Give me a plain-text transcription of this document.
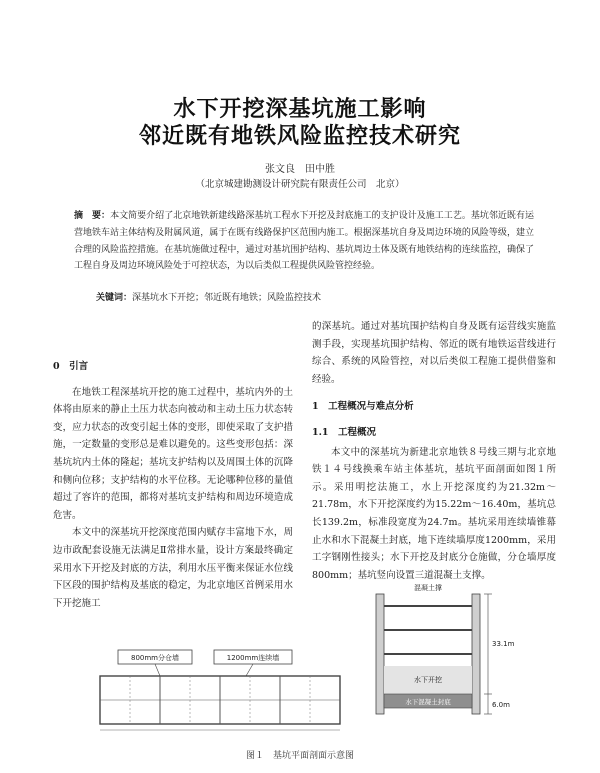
水下开挖深基坑施工影响
邻近既有地铁风险监控技术研究
张文良　田中胜
（北京城建勘测设计研究院有限责任公司　北京）
摘　要：本文简要介绍了北京地铁新建线路深基坑工程水下开挖及封底施工的支护设计及施工工艺。基坑邻近既有运营地铁车站主体结构及附属风道，属于在既有线路保护区范围内施工。根据深基坑自身及周边环境的风险等级，建立合理的风险监控措施。在基坑施做过程中，通过对基坑围护结构、基坑周边土体及既有地铁结构的连续监控，确保了工程自身及周边环境风险处于可控状态，为以后类似工程提供风险管控经验。
关键词：深基坑水下开挖；邻近既有地铁；风险监控技术
0　引言

在地铁工程深基坑开挖的施工过程中，基坑内外的土体将由原来的静止土压力状态向被动和主动土压力状态转变，应力状态的改变引起土体的变形，即使采取了支护措施，一定数量的变形总是难以避免的。这些变形包括：深基坑坑内土体的隆起；基坑支护结构以及周围土体的沉降和侧向位移；支护结构的水平位移。无论哪种位移的量值超过了容许的范围，都将对基坑支护结构和周边环境造成危害。

本文中的深基坑开挖深度范围内赋存丰富地下水，周边市政配套设施无法满足Ⅱ常排水量，设计方案最终确定采用水下开挖及封底的方法，利用水压平衡来保证水位线下区段的围护结构及基底的稳定，为北京地区首例采用水下开挖施工

的深基坑。通过对基坑围护结构自身及既有运营线实施监测手段，实现基坑围护结构、邻近的既有地铁运营线进行综合、系统的风险管控，对以后类似工程施工提供借鉴和经验。

1　工程概况与难点分析
1.1　工程概况

本文中的深基坑为新建北京地铁８号线三期与北京地铁１４号线换乘车站主体基坑，基坑平面剖面如图１所示。采用明挖法施工，水上开挖深度约为21.32m～21.78m，水下开挖深度约为15.22m～16.40m，基坑总长139.2m，标准段宽度为24.7m。基坑采用连续墙锥幕止水和水下混凝土封底，地下连续墙厚度1200mm，采用工字钢刚性接头；水下开挖及封底分仓施做，分仓墙厚度800mm；基坑竖向设置三道混凝土支撑。

800mm分仓墙	1200mm连续墙
混凝土撑
水下开挖
水下混凝土封底
33.1m
6.0m
图１　基坑平面剖面示意图
